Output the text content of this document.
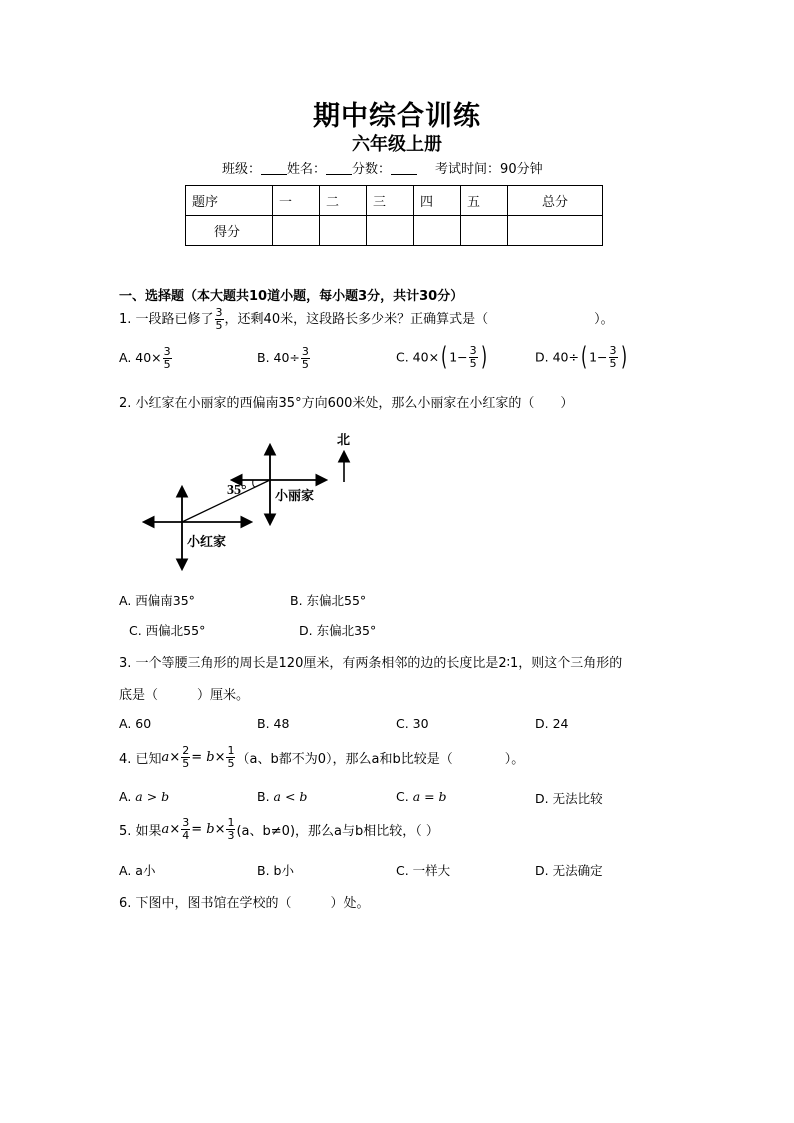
期中综合训练
六年级上册
班级： 姓名： 分数：	考试时间：90分钟
题序	一	二	三	四	五	总分
得分						
一、选择题（本大题共10道小题，每小题3分，共计30分）
1. 一段路已修了 $\frac{3}{5}$ ，还剩40米，这段路长多少米？正确算式是（	）。
A. $40\times \frac{3}{5}$	B. $40\div \frac{3}{5}$	C. 40×( $1- \frac{3}{5}$ )	D. 40÷( $1- \frac{3}{5}$ )
2. 小红家在小丽家的西偏南35°方向600米处，那么小丽家在小红家的（　　）
35° 小丽家
小红家
北
A. 西偏南35°	B. 东偏北55°
C. 西偏北55°	D. 东偏北35°
3. 一个等腰三角形的周长是120厘米，有两条相邻的边的长度比是2∶1，则这个三角形的
底是（　　　）厘米。
A. 60	B. 48	C. 30	D. 24
4. 已知$a\times \frac{2}{5} = b\times \frac{1}{5} (a$、b都不为0），那么a和b比较是（　　　　）。
A. a > b	B. a < b	C. a = b	D. 无法比较
5. 如果$a\times \frac{3}{4} = b\times \frac{1}{3} (a$、b≠0)，那么a与b相比较，（ ）
A. a小	B. b小	C. 一样大	D. 无法确定
6. 下图中，图书馆在学校的（　　　）处。
